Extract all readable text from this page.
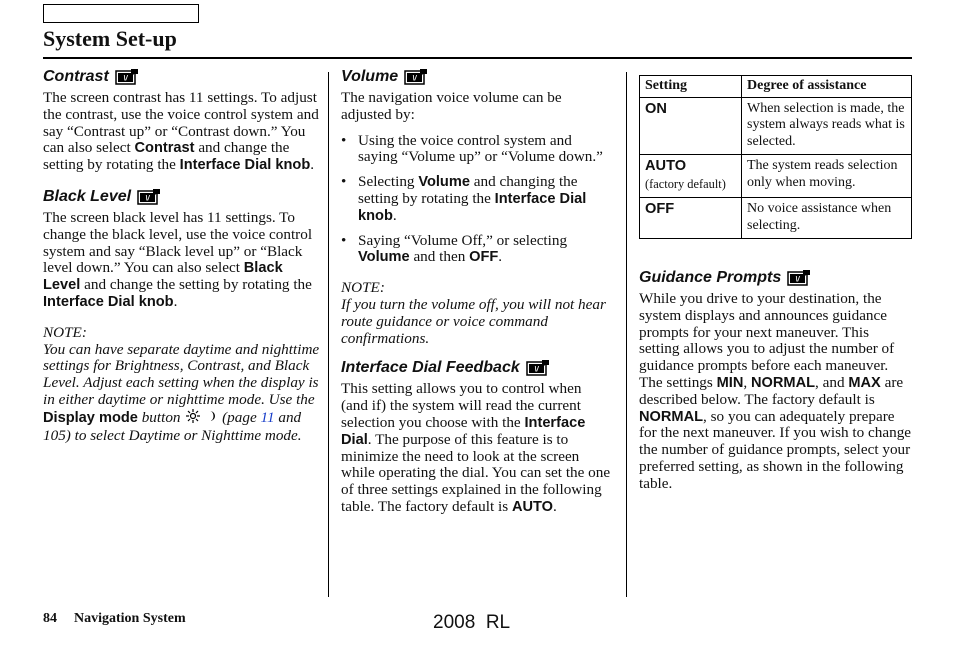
System Set-up
Contrast \/

The screen contrast has 11 settings. To adjust the contrast, use the voice control system and say “Contrast up” or “Contrast down.” You can also select Contrast and change the setting by rotating the Interface Dial knob.

Black Level \/

The screen black level has 11 settings. To change the black level, use the voice control system and say “Black level up” or “Black level down.” You can also select Black Level and change the setting by rotating the Interface Dial knob.

NOTE:

You can have separate daytime and nighttime settings for Brightness, Contrast, and Black Level. Adjust each setting when the display is in either daytime or nighttime mode. Use the Display mode button  (page 11 and 105) to select Daytime or Nighttime mode.

Volume \/

The navigation voice volume can be adjusted by:

• Using the voice control system and saying “Volume up” or “Volume down.”
• Selecting Volume and changing the setting by rotating the Interface Dial knob.
• Saying “Volume Off,” or selecting Volume and then OFF.

NOTE:

If you turn the volume off, you will not hear route guidance or voice command confirmations.

Interface Dial Feedback \/

This setting allows you to control when (and if) the system will read the current selection you choose with the Interface Dial. The purpose of this feature is to minimize the need to look at the screen while operating the dial. You can set the one of three settings explained in the following table. The factory default is AUTO.

Setting	Degree of assistance
ON	When selection is made, the system always reads what is selected.
AUTO
(factory default)	The system reads selection only when moving.
OFF	No voice assistance when selecting.
Guidance Prompts \/

While you drive to your destination, the system displays and announces guidance prompts for your next maneuver. This setting allows you to adjust the number of guidance prompts before each maneuver. The settings MIN, NORMAL, and MAX are described below. The factory default is NORMAL, so you can adequately prepare for the next maneuver. If you wish to change the number of guidance prompts, select your preferred setting, as shown in the following table.

84 Navigation System	2008  RL
